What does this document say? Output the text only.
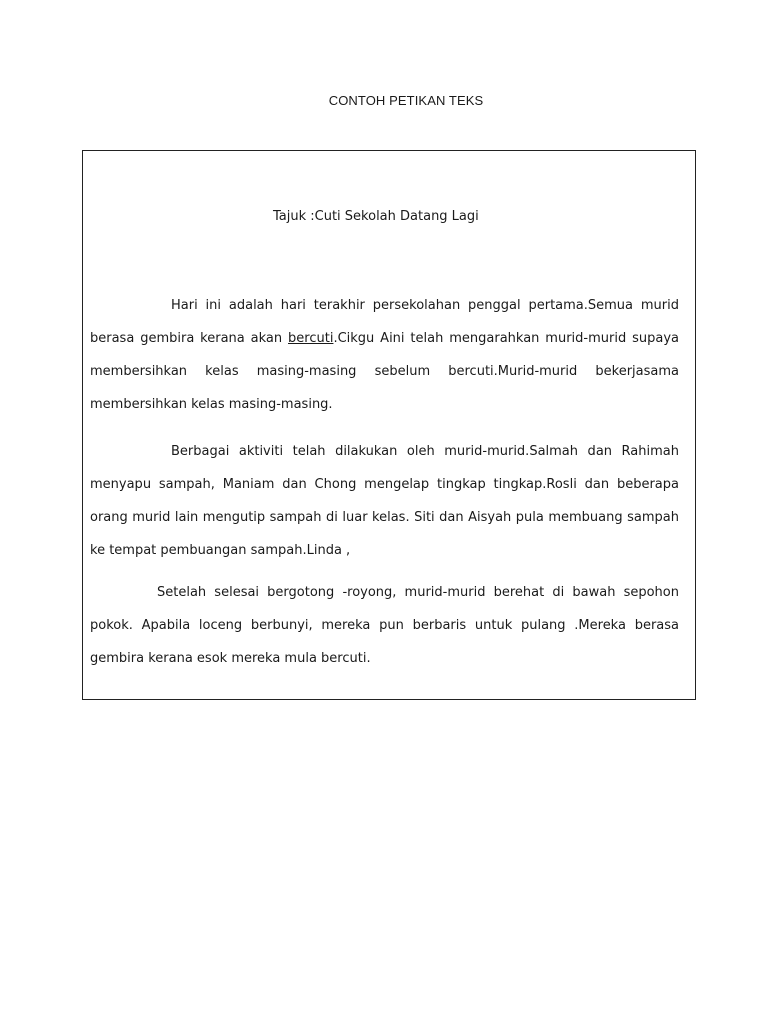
CONTOH PETIKAN TEKS
Tajuk :Cuti Sekolah Datang Lagi

Hari ini adalah hari terakhir persekolahan penggal pertama.Semua murid berasa gembira kerana akan bercuti.Cikgu Aini telah mengarahkan murid-murid supaya membersihkan kelas masing-masing sebelum bercuti.Murid-murid bekerjasama membersihkan kelas masing-masing.

Berbagai aktiviti telah dilakukan oleh murid-murid.Salmah dan Rahimah menyapu sampah, Maniam dan Chong mengelap tingkap tingkap.Rosli dan beberapa orang murid lain mengutip sampah di luar kelas. Siti dan Aisyah pula membuang sampah ke tempat pembuangan sampah.Linda ,

Setelah selesai bergotong -royong, murid-murid berehat di bawah sepohon pokok. Apabila loceng berbunyi, mereka pun berbaris untuk pulang .Mereka berasa gembira kerana esok mereka mula bercuti.
